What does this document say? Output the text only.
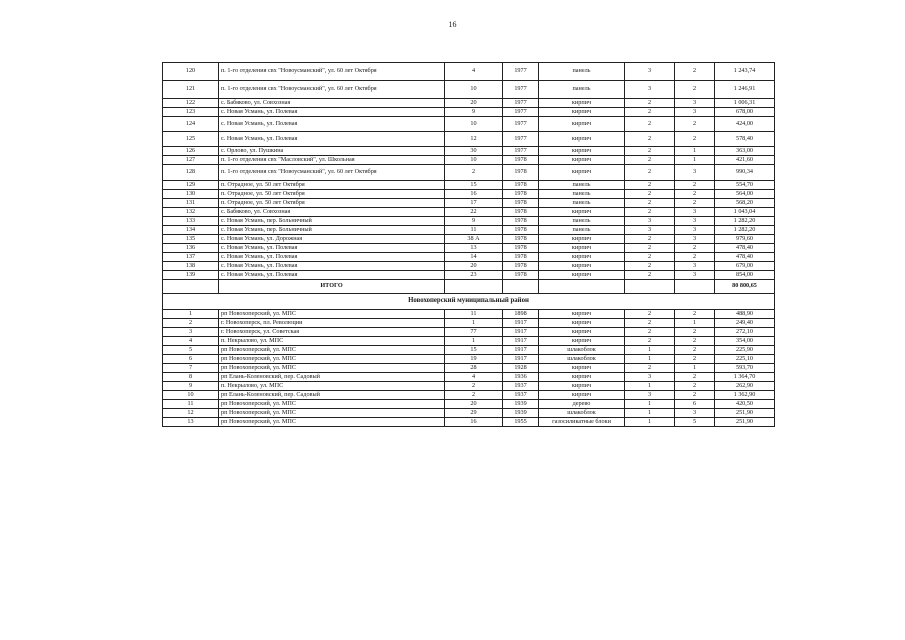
16
120	п. 1-го отделения свх "Новоусманский", ул. 60 лет Октября	4	1977	панель	3	2	1 243,74
121	п. 1-го отделения свх "Новоусманский", ул. 60 лет Октября	10	1977	панель	3	2	1 246,91
122	с. Бабяково, ул. Совхозная	20	1977	кирпич	2	3	1 006,31
123	с. Новая Усмань, ул. Полевая	9	1977	кирпич	2	3	678,00
124	с. Новая Усмань, ул. Полевая	10	1977	кирпич	2	2	424,00
125	с. Новая Усмань, ул. Полевая	12	1977	кирпич	2	2	578,40
126	с. Орлово, ул. Пушкина	30	1977	кирпич	2	1	363,00
127	п. 1-го отделения свх "Масловский", ул. Школьная	10	1978	кирпич	2	1	421,60
128	п. 1-го отделения свх "Новоусманский", ул. 60 лет Октября	2	1978	кирпич	2	3	990,34
129	п. Отрадное, ул. 50 лет Октября	15	1978	панель	2	2	554,70
130	п. Отрадное, ул. 50 лет Октября	16	1978	панель	2	2	564,00
131	п. Отрадное, ул. 50 лет Октября	17	1978	панель	2	2	568,20
132	с. Бабяково, ул. Совхозная	22	1978	кирпич	2	3	1 043,04
133	с. Новая Усмань, пер. Больничный	9	1978	панель	3	3	1 282,20
134	с. Новая Усмань, пер. Больничный	11	1978	панель	3	3	1 282,20
135	с. Новая Усмань, ул. Дорожная	38 А	1978	кирпич	2	3	979,60
136	с. Новая Усмань, ул. Полевая	13	1978	кирпич	2	2	478,40
137	с. Новая Усмань, ул. Полевая	14	1978	кирпич	2	2	478,40
138	с. Новая Усмань, ул. Полевая	20	1978	кирпич	2	3	679,00
139	с. Новая Усмань, ул. Полевая	23	1978	кирпич	2	3	854,00
	ИТОГО						80 800,65
Новохоперский муниципальный район							
1	рп Новохоперский, ул. МПС	11	1898	кирпич	2	2	488,90
2	г. Новохоперск, пл. Революции	1	1917	кирпич	2	1	249,40
3	г. Новохоперск, ул. Советская	77	1917	кирпич	2	2	272,10
4	п. Некрылово, ул. МПС	1	1917	кирпич	2	2	354,00
5	рп Новохоперский, ул. МПС	15	1917	шлакоблок	1	2	225,90
6	рп Новохоперский, ул. МПС	19	1917	шлакоблок	1	2	225,10
7	рп Новохоперский, ул. МПС	28	1928	кирпич	2	1	593,70
8	рп Елань-Коленовский, пер. Садовый	4	1936	кирпич	3	2	1 364,70
9	п. Некрылово, ул. МПС	2	1937	кирпич	1	2	262,90
10	рп Елань-Коленовский, пер. Садовый	2	1937	кирпич	3	2	1 362,90
11	рп Новохоперский, ул. МПС	20	1939	дерево	1	6	420,50
12	рп Новохоперский, ул. МПС	29	1939	шлакоблок	1	3	251,90
13	рп Новохоперский, ул. МПС	16	1955	газосиликатные блоки	1	5	251,90
